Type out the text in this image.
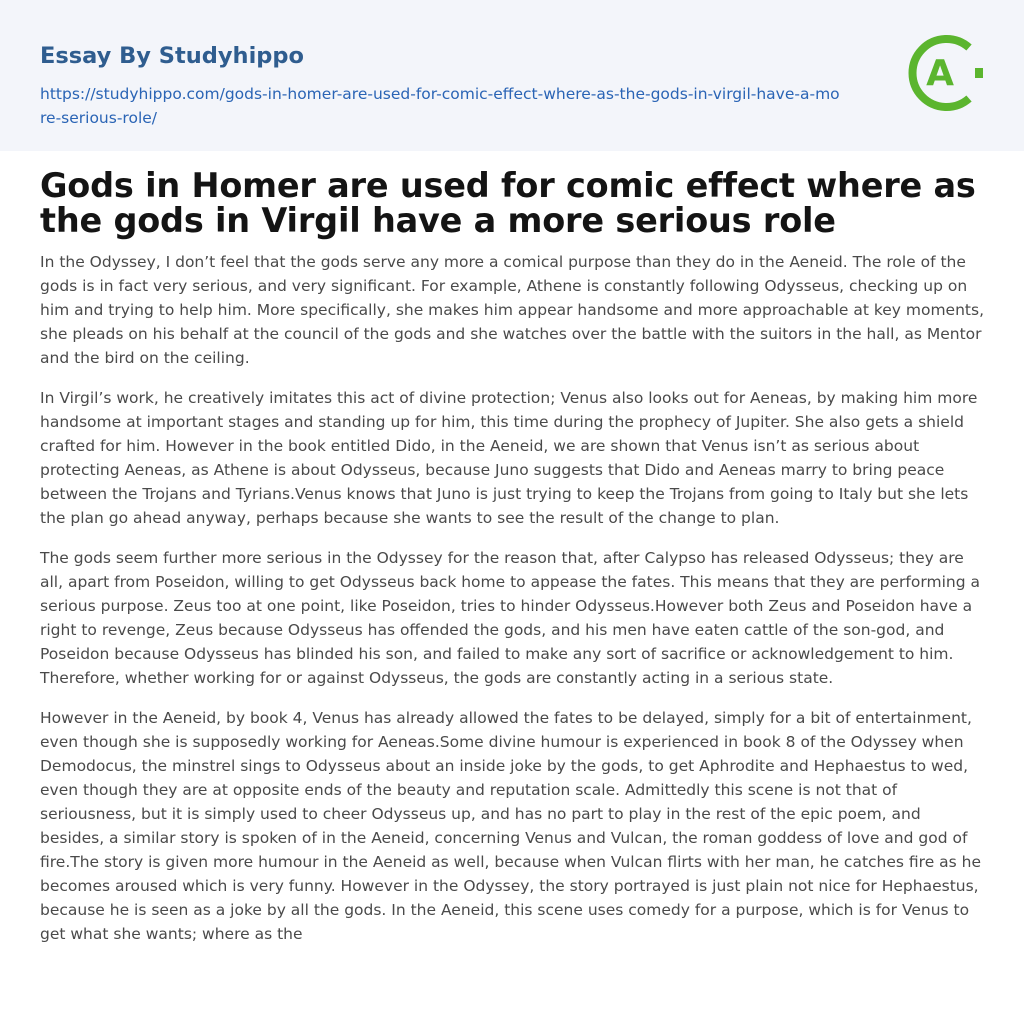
Essay By Studyhippo
https://studyhippo.com/gods-in-homer-are-used-for-comic-effect-where-as-the-gods-in-virgil-have-a-more-serious-role/
A
Gods in Homer are used for comic effect where as the gods in Virgil have a more serious role

In the Odyssey, I don’t feel that the gods serve any more a comical purpose than they do in the Aeneid. The role of the gods is in fact very serious, and very significant. For example, Athene is constantly following Odysseus, checking up on him and trying to help him. More specifically, she makes him appear handsome and more approachable at key moments, she pleads on his behalf at the council of the gods and she watches over the battle with the suitors in the hall, as Mentor and the bird on the ceiling.

In Virgil’s work, he creatively imitates this act of divine protection; Venus also looks out for Aeneas, by making him more handsome at important stages and standing up for him, this time during the prophecy of Jupiter. She also gets a shield crafted for him. However in the book entitled Dido, in the Aeneid, we are shown that Venus isn’t as serious about protecting Aeneas, as Athene is about Odysseus, because Juno suggests that Dido and Aeneas marry to bring peace between the Trojans and Tyrians.Venus knows that Juno is just trying to keep the Trojans from going to Italy but she lets the plan go ahead anyway, perhaps because she wants to see the result of the change to plan.

The gods seem further more serious in the Odyssey for the reason that, after Calypso has released Odysseus; they are all, apart from Poseidon, willing to get Odysseus back home to appease the fates. This means that they are performing a serious purpose. Zeus too at one point, like Poseidon, tries to hinder Odysseus.However both Zeus and Poseidon have a right to revenge, Zeus because Odysseus has offended the gods, and his men have eaten cattle of the son-god, and Poseidon because Odysseus has blinded his son, and failed to make any sort of sacrifice or acknowledgement to him. Therefore, whether working for or against Odysseus, the gods are constantly acting in a serious state.

However in the Aeneid, by book 4, Venus has already allowed the fates to be delayed, simply for a bit of entertainment, even though she is supposedly working for Aeneas.Some divine humour is experienced in book 8 of the Odyssey when Demodocus, the minstrel sings to Odysseus about an inside joke by the gods, to get Aphrodite and Hephaestus to wed, even though they are at opposite ends of the beauty and reputation scale. Admittedly this scene is not that of seriousness, but it is simply used to cheer Odysseus up, and has no part to play in the rest of the epic poem, and besides, a similar story is spoken of in the Aeneid, concerning Venus and Vulcan, the roman goddess of love and god of fire.The story is given more humour in the Aeneid as well, because when Vulcan flirts with her man, he catches fire as he becomes aroused which is very funny. However in the Odyssey, the story portrayed is just plain not nice for Hephaestus, because he is seen as a joke by all the gods. In the Aeneid, this scene uses comedy for a purpose, which is for Venus to get what she wants; where as the
